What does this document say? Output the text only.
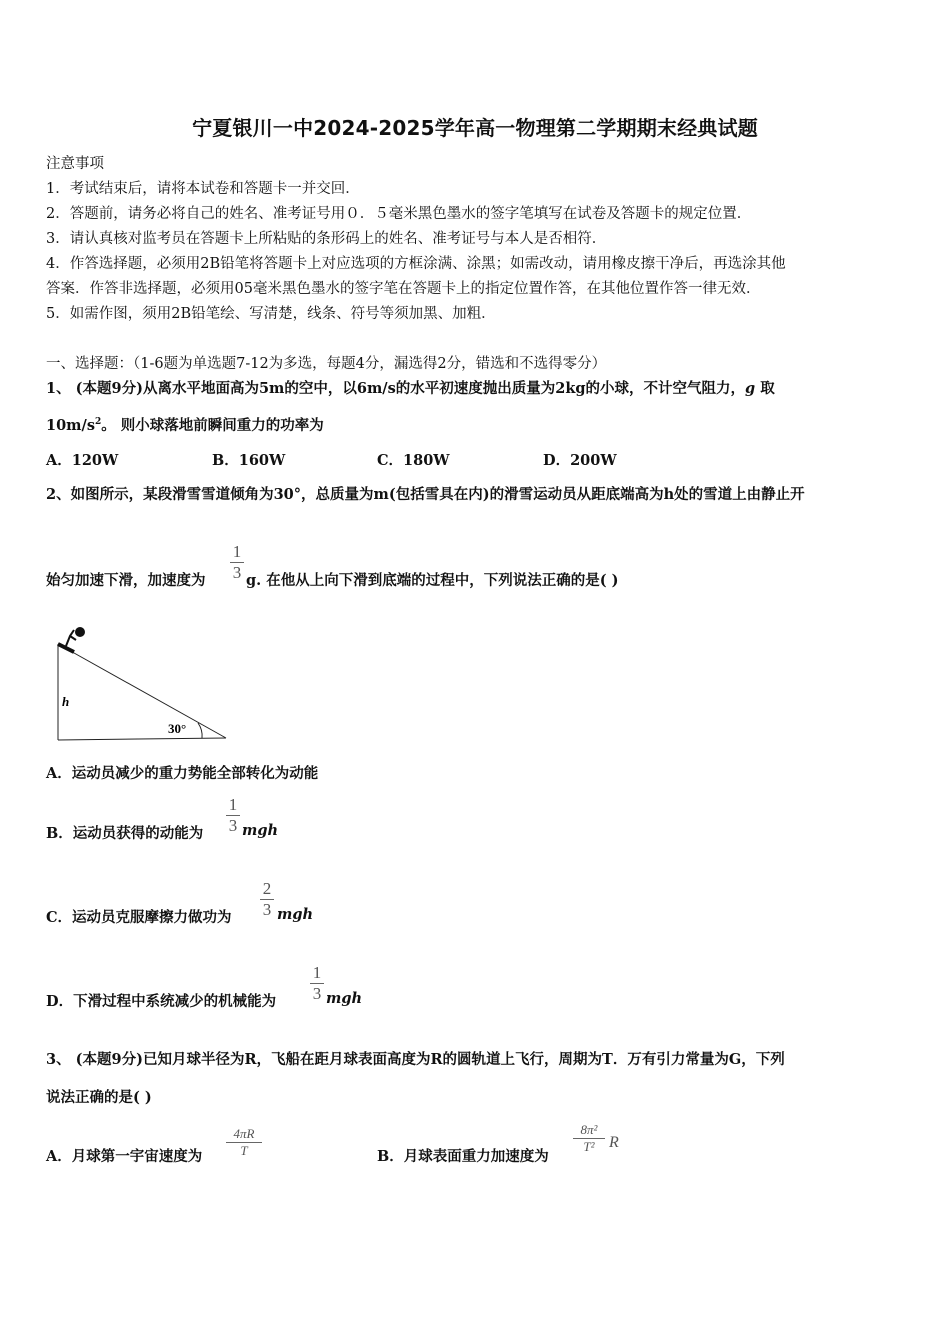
宁夏银川一中2024-2025学年高一物理第二学期期末经典试题
注意事项
1．考试结束后，请将本试卷和答题卡一并交回．
2．答题前，请务必将自己的姓名、准考证号用０．５毫米黑色墨水的签字笔填写在试卷及答题卡的规定位置．
3．请认真核对监考员在答题卡上所粘贴的条形码上的姓名、准考证号与本人是否相符．
4．作答选择题，必须用2B铅笔将答题卡上对应选项的方框涂满、涂黑；如需改动，请用橡皮擦干净后，再选涂其他
答案．作答非选择题，必须用05毫米黑色墨水的签字笔在答题卡上的指定位置作答，在其他位置作答一律无效．
5．如需作图，须用2B铅笔绘、写清楚，线条、符号等须加黑、加粗．
一、选择题：（1-6题为单选题7-12为多选，每题4分，漏选得2分，错选和不选得零分）
1、 (本题9分)从离水平地面高为5m的空中，以6m/s的水平初速度抛出质量为2kg的小球，不计空气阻力，g 取
$10m/s^2$。 则小球落地前瞬间重力的功率为
A．120W	B．160W	C．180W	D．200W
2、如图所示，某段滑雪雪道倾角为30°，总质量为m(包括雪具在内)的滑雪运动员从距底端高为h处的雪道上由静止开
始匀加速下滑，加速度为
1
3 g. 在他从上向下滑到底端的过程中，下列说法正确的是( )
h
30°
A．运动员减少的重力势能全部转化为动能
B．运动员获得的动能为
1
3 mgh
C．运动员克服摩擦力做功为
2
3 mgh
D．下滑过程中系统减少的机械能为
1
3 mgh
3、 (本题9分)已知月球半径为R，飞船在距月球表面高度为R的圆轨道上飞行，周期为T．万有引力常量为G，下列
说法正确的是( )
A．月球第一宇宙速度为
4πR
T	B．月球表面重力加速度为
8π²
T² R
